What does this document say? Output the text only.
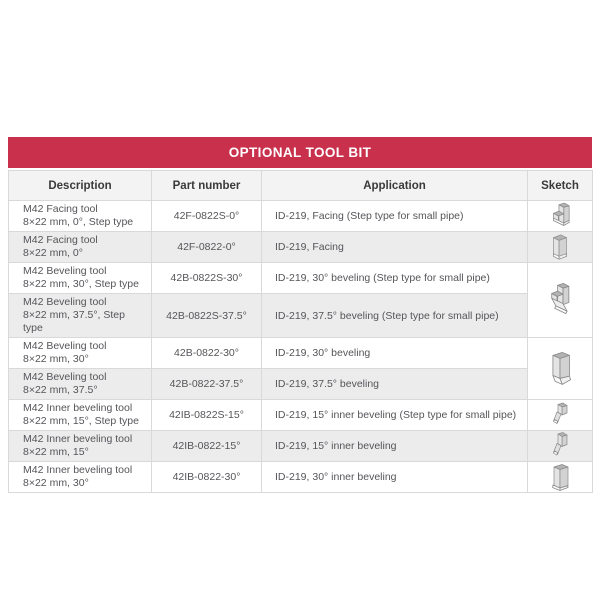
OPTIONAL TOOL BIT
Description	Part number	Application	Sketch

M42 Facing tool
8×22 mm, 0°, Step type	42F-0822S-0°	ID-219, Facing (Step type for small pipe)	

M42 Facing tool
8×22 mm, 0°	42F-0822-0°	ID-219, Facing	

M42 Beveling tool
8×22 mm, 30°, Step type	42B-0822S-30°	ID-219, 30° beveling (Step type for small pipe)	

M42 Beveling tool
8×22 mm, 37.5°, Step type	42B-0822S-37.5°	ID-219, 37.5° beveling (Step type for small pipe)	

M42 Beveling tool
8×22 mm, 30°	42B-0822-30°	ID-219, 30° beveling	

M42 Beveling tool
8×22 mm, 37.5°	42B-0822-37.5°	ID-219, 37.5° beveling	

M42 Inner beveling tool
8×22 mm, 15°, Step type	42IB-0822S-15°	ID-219, 15° inner beveling (Step type for small pipe)	

M42 Inner beveling tool
8×22 mm, 15°	42IB-0822-15°	ID-219, 15° inner beveling	

M42 Inner beveling tool
8×22 mm, 30°	42IB-0822-30°	ID-219, 30° inner beveling	
